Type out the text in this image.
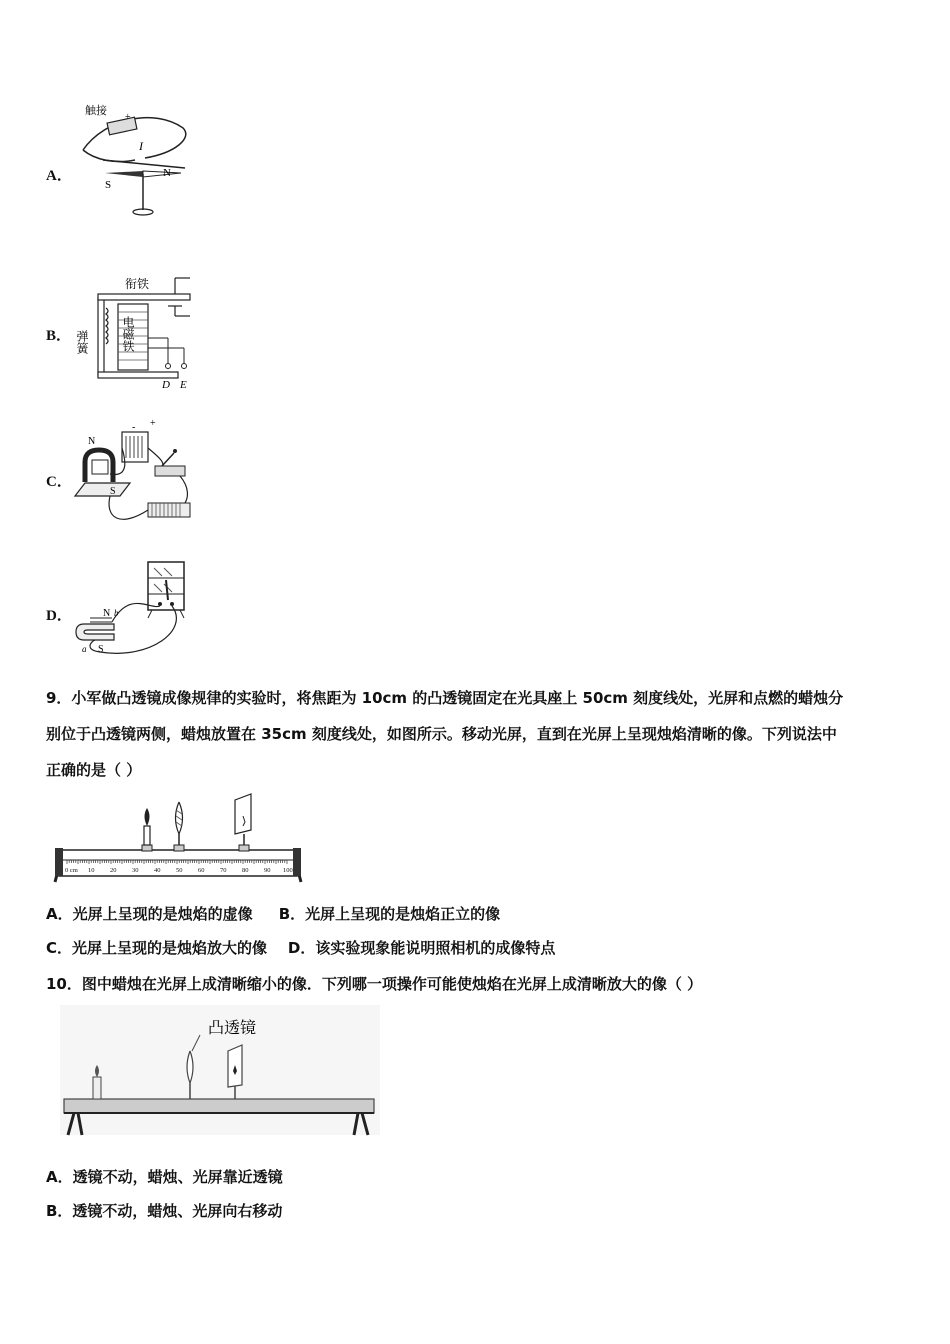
A．
触接
+
I
S
N
B．
衔铁
弹簧	电磁铁
D E
C．
N
S
- +
D．	N
S
a
b
9．小军做凸透镜成像规律的实验时，将焦距为 10cm 的凸透镜固定在光具座上 50cm 刻度线处，光屏和点燃的蜡烛分
别位于凸透镜两侧，蜡烛放置在 35cm 刻度线处，如图所示。移动光屏，直到在光屏上呈现烛焰清晰的像。下列说法中
正确的是（ ）
0 cm 10 20 30 40 50 60 70 80 90 100
A．光屏上呈现的是烛焰的虚像 B．光屏上呈现的是烛焰正立的像
C．光屏上呈现的是烛焰放大的像 D．该实验现象能说明照相机的成像特点
10．图中蜡烛在光屏上成清晰缩小的像．下列哪一项操作可能使烛焰在光屏上成清晰放大的像（ ）
凸透镜
A．透镜不动，蜡烛、光屏靠近透镜
B．透镜不动，蜡烛、光屏向右移动
